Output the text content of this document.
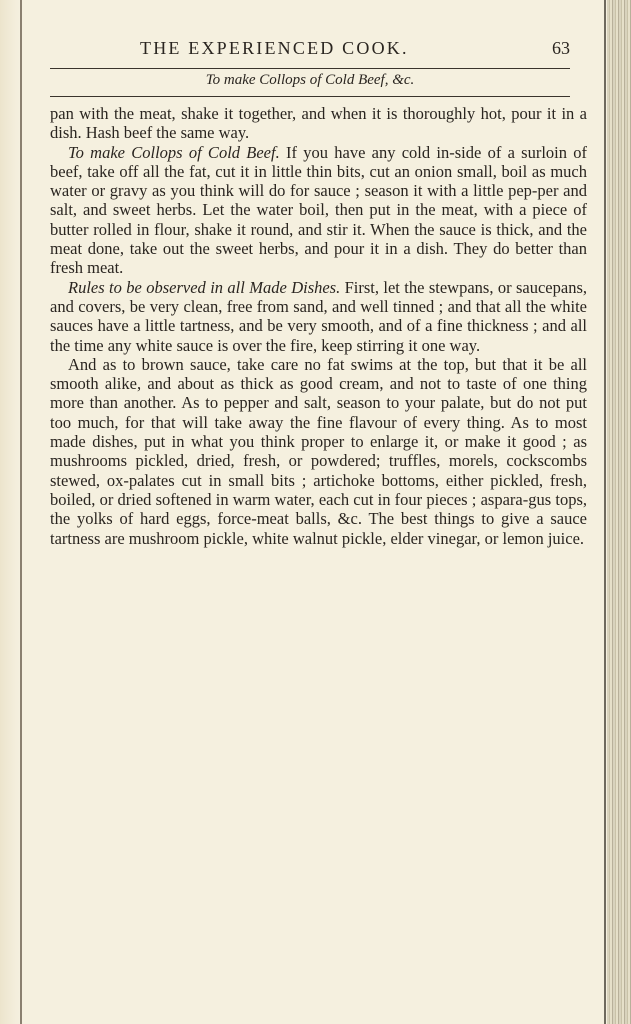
THE EXPERIENCED COOK.	63
To make Collops of Cold Beef, &c.

pan with the meat, shake it together, and when it is thoroughly hot, pour it in a dish. Hash beef the same way.

To make Collops of Cold Beef. If you have any cold in-side of a surloin of beef, take off all the fat, cut it in little thin bits, cut an onion small, boil as much water or gravy as you think will do for sauce ; season it with a little pep-per and salt, and sweet herbs. Let the water boil, then put in the meat, with a piece of butter rolled in flour, shake it round, and stir it. When the sauce is thick, and the meat done, take out the sweet herbs, and pour it in a dish. They do better than fresh meat.

Rules to be observed in all Made Dishes. First, let the stewpans, or saucepans, and covers, be very clean, free from sand, and well tinned ; and that all the white sauces have a little tartness, and be very smooth, and of a fine thickness ; and all the time any white sauce is over the fire, keep stirring it one way.

And as to brown sauce, take care no fat swims at the top, but that it be all smooth alike, and about as thick as good cream, and not to taste of one thing more than another. As to pepper and salt, season to your palate, but do not put too much, for that will take away the fine flavour of every thing. As to most made dishes, put in what you think proper to enlarge it, or make it good ; as mushrooms pickled, dried, fresh, or powdered; truffles, morels, cockscombs stewed, ox-palates cut in small bits ; artichoke bottoms, either pickled, fresh, boiled, or dried softened in warm water, each cut in four pieces ; aspara-gus tops, the yolks of hard eggs, force-meat balls, &c. The best things to give a sauce tartness are mushroom pickle, white walnut pickle, elder vinegar, or lemon juice.
